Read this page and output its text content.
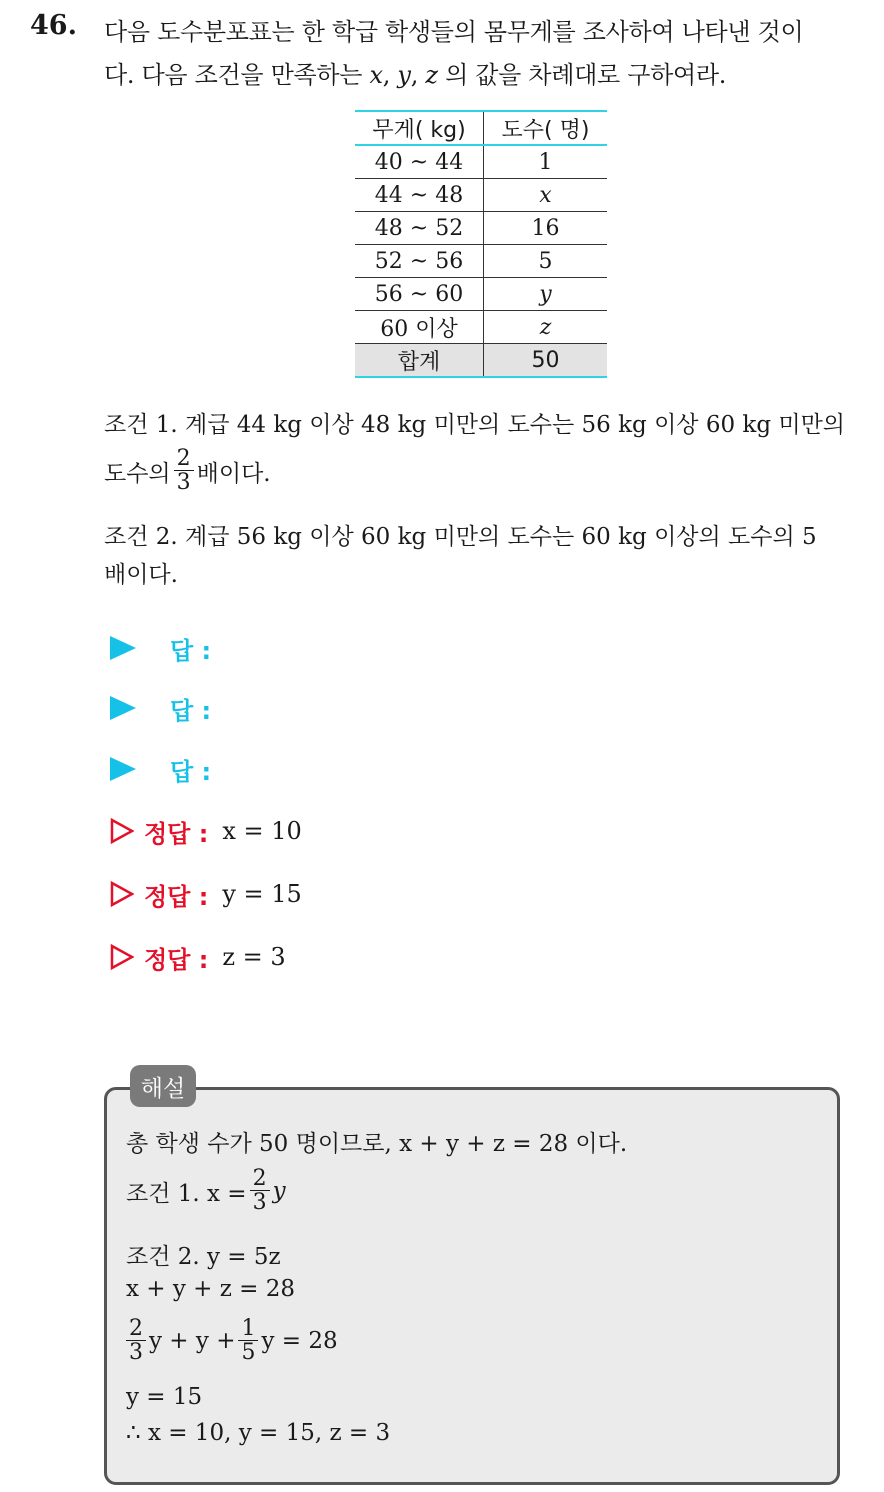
46. 다음 도수분포표는 한 학급 학생들의 몸무게를 조사하여 나타낸 것이
다. 다음 조건을 만족하는 x, y, z 의 값을 차례대로 구하여라.
무게( kg)	도수( 명)
40 ~ 44	1
44 ~ 48	x
48 ~ 52	16
52 ~ 56	5
56 ~ 60	y
60 이상	z
합계	50
조건 1. 계급 44 kg 이상 48 kg 미만의 도수는 56 kg 이상 60 kg 미만의
도수의 $\frac{2}{3}$ 배이다.
조건 2. 계급 56 kg 이상 60 kg 미만의 도수는 60 kg 이상의 도수의 5
배이다.
답 :
답 :
답 :
정답 : x = 10
정답 : y = 15
정답 : z = 3
해설
총 학생 수가 50 명이므로, x + y + z = 28 이다.
조건 1. $x = \frac{2}{3}$ y
조건 2. y = 5z
x + y + z = 28
$\frac{2}{3}$ $y + y + \frac{1}{5}$ y = 28
y = 15
∴ x = 10, y = 15, z = 3
